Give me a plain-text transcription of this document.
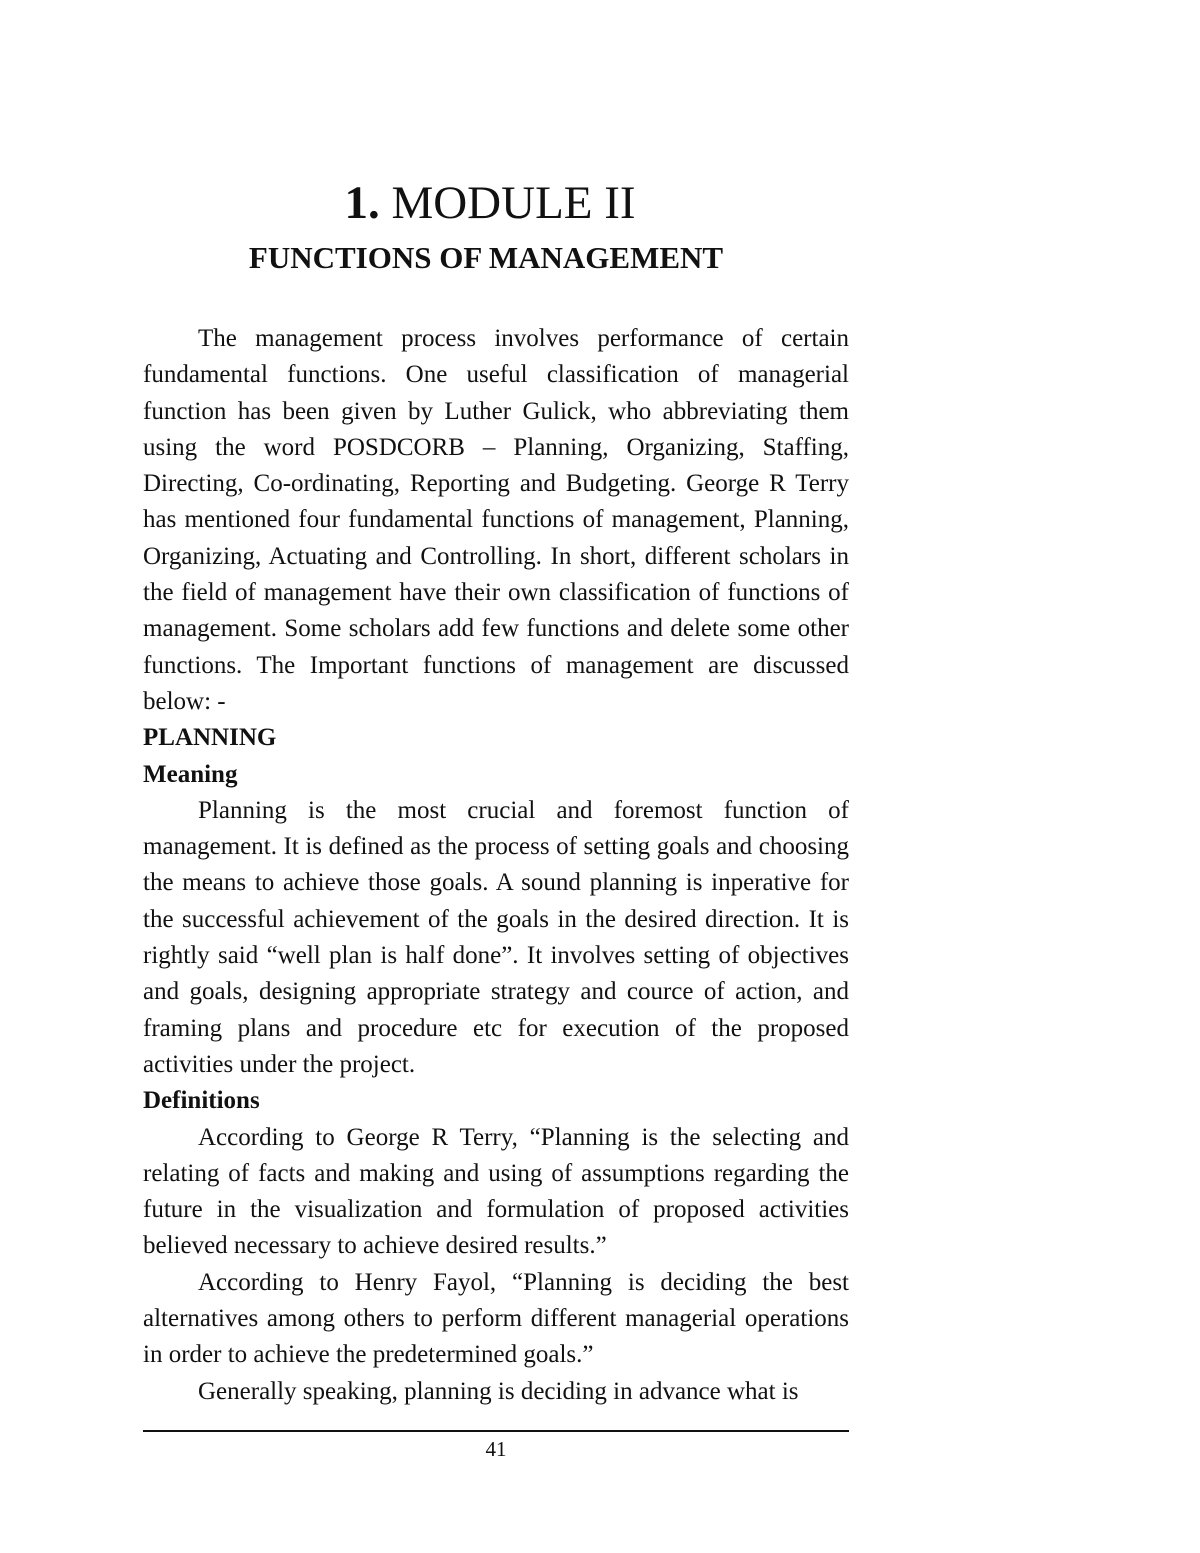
1. MODULE II
FUNCTIONS OF MANAGEMENT

The management process involves performance of certain fundamental functions. One useful classification of managerial function has been given by Luther Gulick, who abbreviating them using the word POSDCORB – Planning, Organizing, Staffing, Directing, Co-ordinating, Reporting and Budgeting. George R Terry has mentioned four fundamental functions of management, Planning, Organizing, Actuating and Controlling. In short, different scholars in the field of management have their own classification of functions of management. Some scholars add few functions and delete some other functions. The Important functions of management are discussed below: -

PLANNING
Meaning

Planning is the most crucial and foremost function of management. It is defined as the process of setting goals and choosing the means to achieve those goals. A sound planning is inperative for the successful achievement of the goals in the desired direction. It is rightly said “well plan is half done”. It involves setting of objectives and goals, designing appropriate strategy and cource of action, and framing plans and procedure etc for execution of the proposed activities under the project.

Definitions

According to George R Terry, “Planning is the selecting and relating of facts and making and using of assumptions regarding the future in the visualization and formulation of proposed activities believed necessary to achieve desired results.”

According to Henry Fayol, “Planning is deciding the best alternatives among others to perform different managerial operations in order to achieve the predetermined goals.”

Generally speaking, planning is deciding in advance what is

41
